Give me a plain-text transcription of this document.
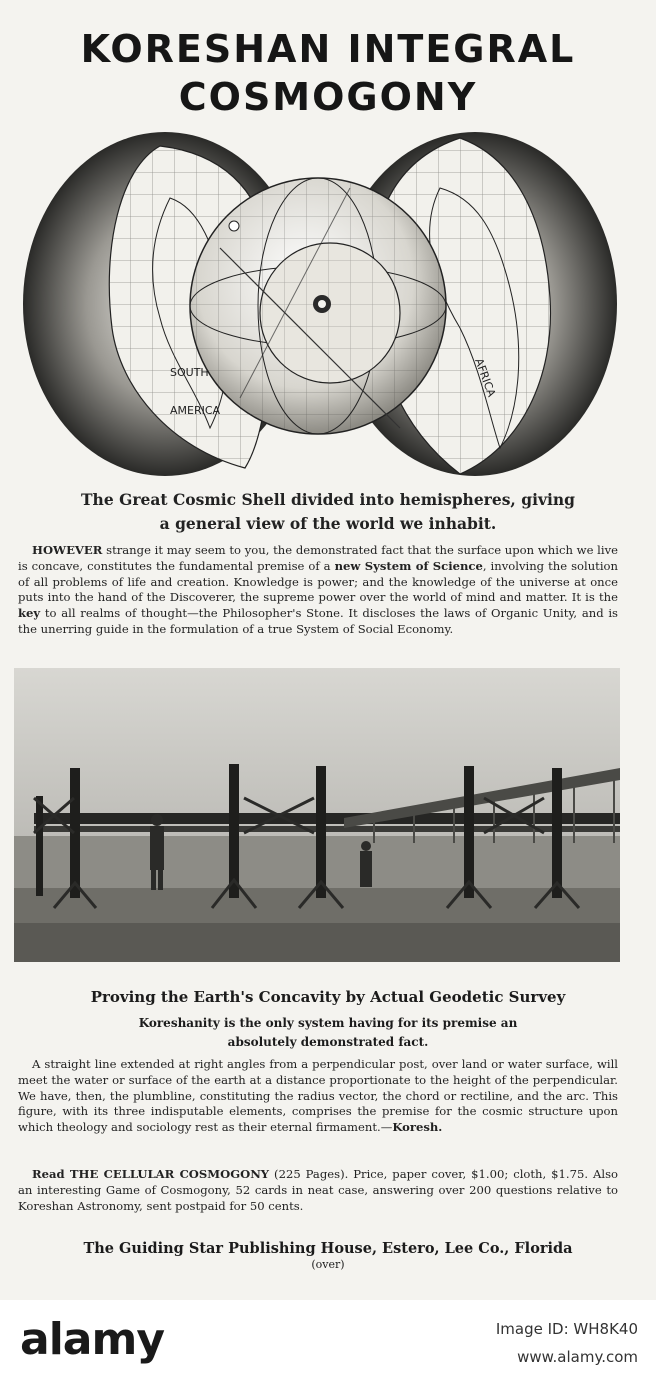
KORESHAN INTEGRAL
COSMOGONY
SOUTH
AMERICA
AFRICA
The Great Cosmic Shell divided into hemispheres, giving
a general view of the world we inhabit.

HOWEVER strange it may seem to you, the demonstrated fact that the surface upon which we live is concave, constitutes the fundamental premise of a new System of Science, involving the solution of all problems of life and creation. Knowledge is power; and the knowledge of the universe at once puts into the hand of the Discoverer, the supreme power over the world of mind and matter. It is the key to all realms of thought—the Philosopher's Stone. It discloses the laws of Organic Unity, and is the unerring guide in the formulation of a true System of Social Economy.

Proving the Earth's Concavity by Actual Geodetic Survey
Koreshanity is the only system having for its premise an
absolutely demonstrated fact.

A straight line extended at right angles from a perpendicular post, over land or water surface, will meet the water or surface of the earth at a distance proportionate to the height of the perpendicular. We have, then, the plumbline, constituting the radius vector, the chord or rectiline, and the arc. This figure, with its three indisputable elements, comprises the premise for the cosmic structure upon which theology and sociology rest as their eternal firmament.—Koresh.

Read THE CELLULAR COSMOGONY (225 Pages). Price, paper cover, $1.00; cloth, $1.75. Also an interesting Game of Cosmogony, 52 cards in neat case, answering over 200 questions relative to Koreshan Astronomy, sent postpaid for 50 cents.

The Guiding Star Publishing House, Estero, Lee Co., Florida

(over)

alamy	Image ID: WH8K40
www.alamy.com
